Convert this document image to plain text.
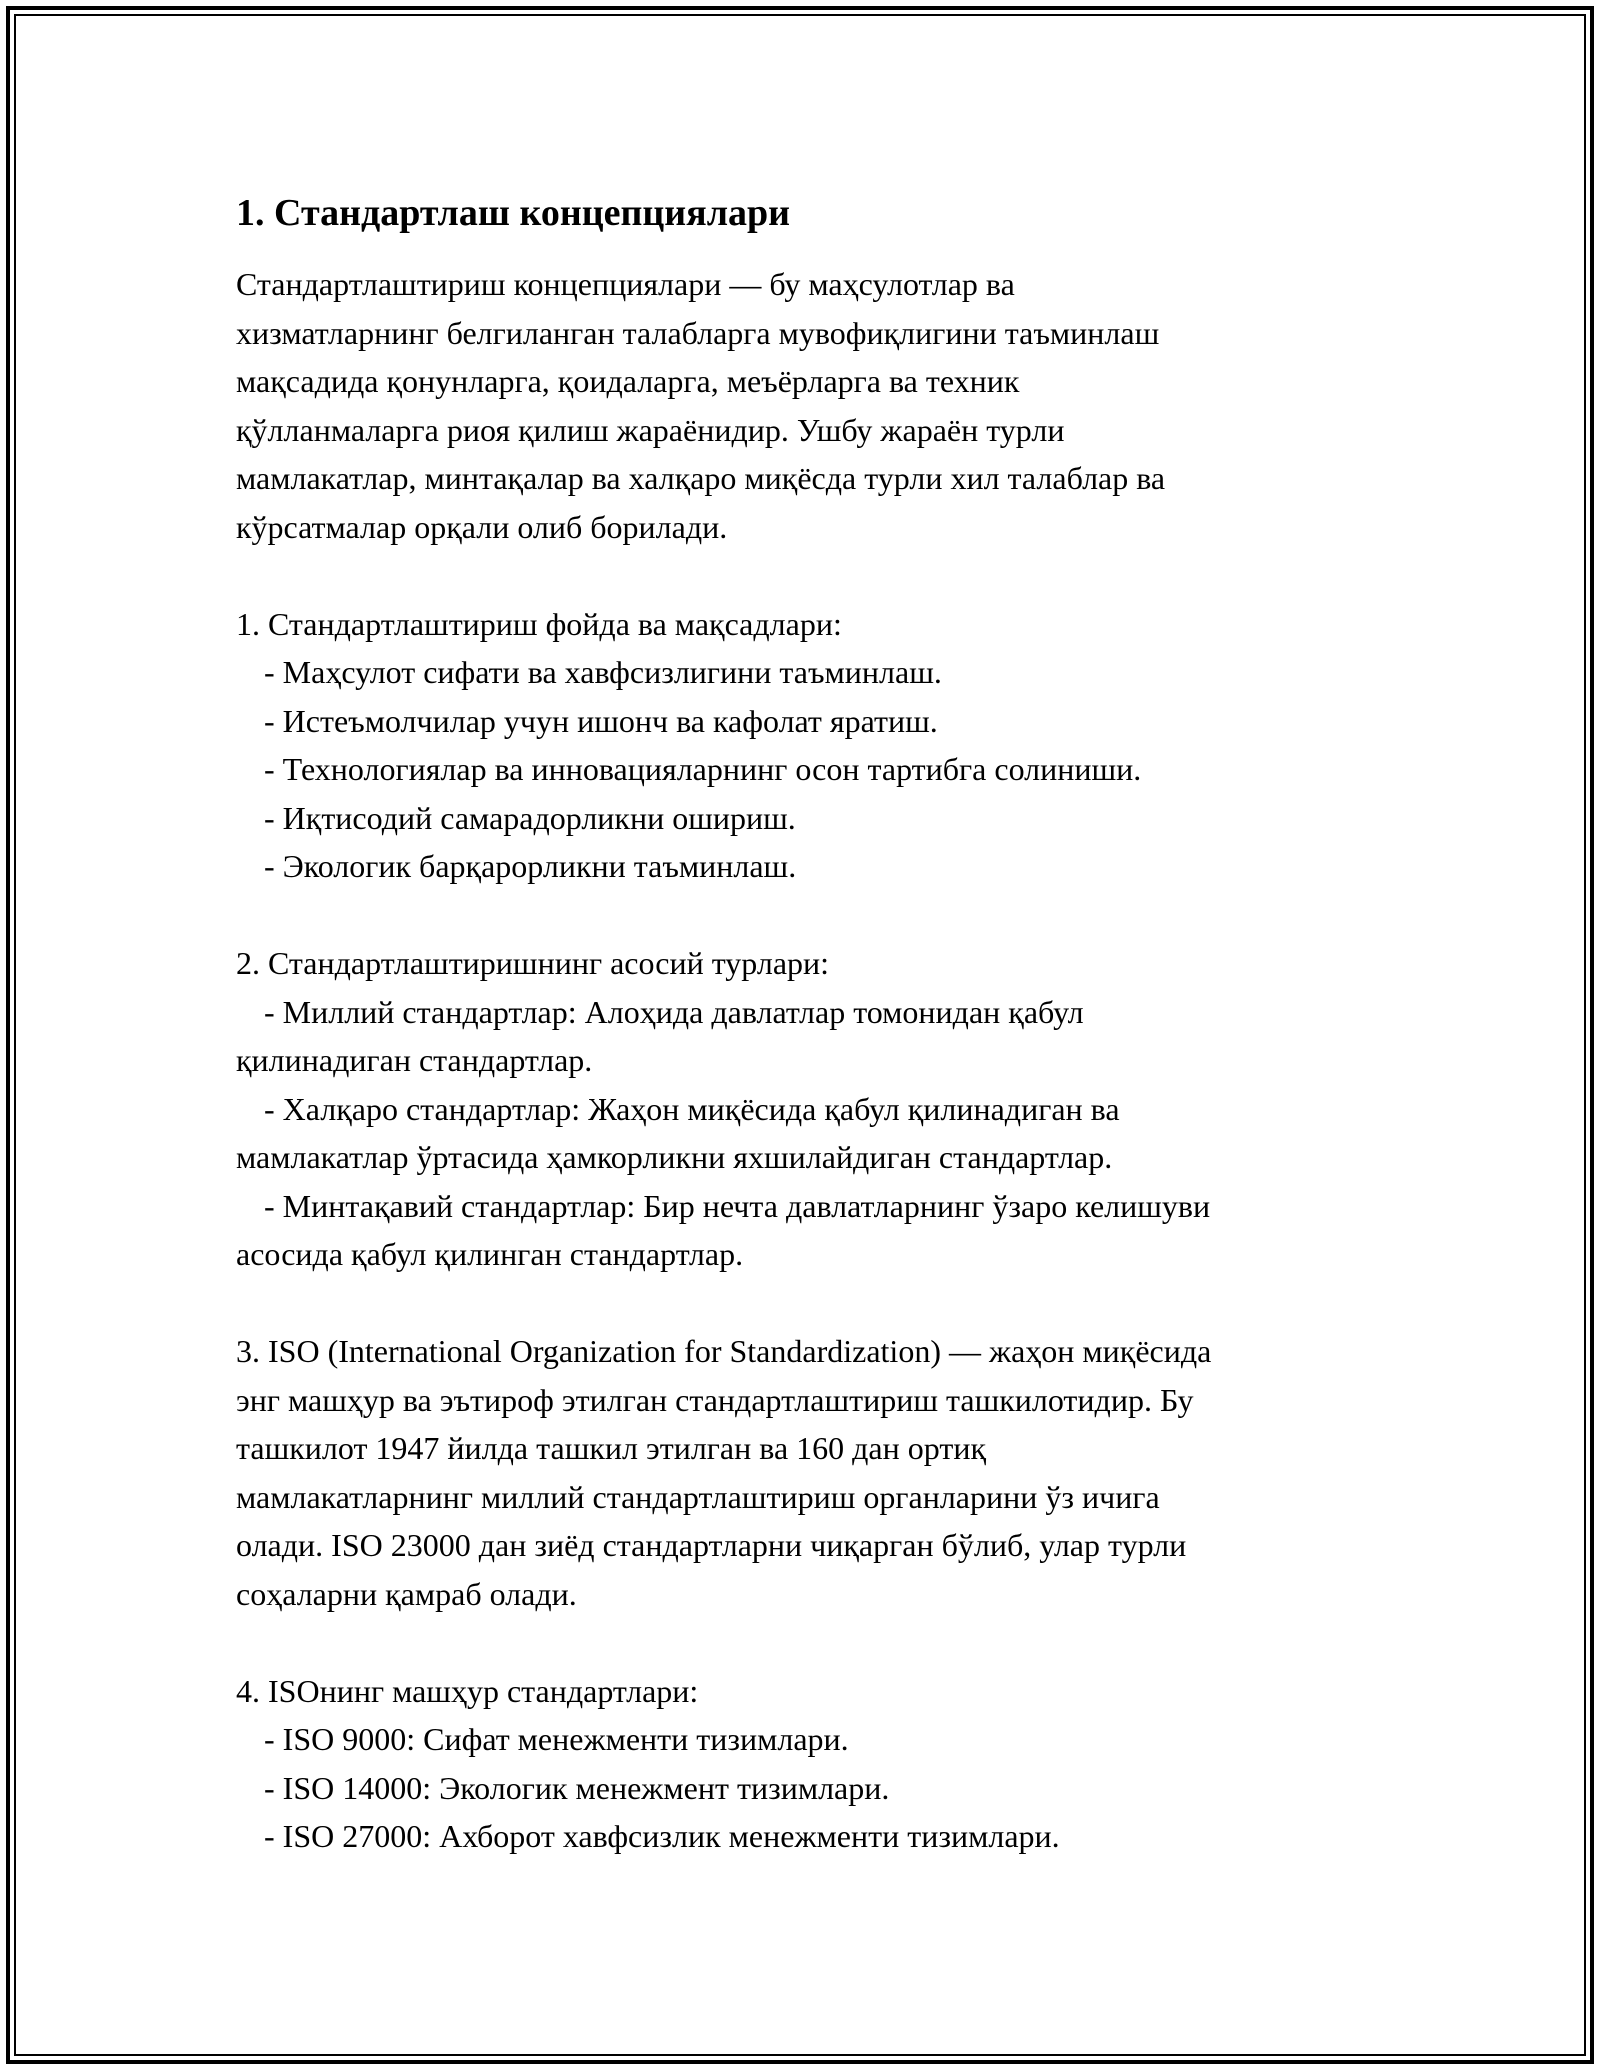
1. Стандартлаш концепциялари
Стандартлаштириш концепциялари — бу маҳсулотлар ва
хизматларнинг белгиланган талабларга мувофиқлигини таъминлаш
мақсадида қонунларга, қоидаларга, меъёрларга ва техник
қўлланмаларга риоя қилиш жараёнидир. Ушбу жараён турли
мамлакатлар, минтақалар ва халқаро миқёсда турли хил талаблар ва
кўрсатмалар орқали олиб борилади.
1. Стандартлаштириш фойда ва мақсадлари:
- Маҳсулот сифати ва хавфсизлигини таъминлаш.
- Истеъмолчилар учун ишонч ва кафолат яратиш.
- Технологиялар ва инновацияларнинг осон тартибга солиниши.
- Иқтисодий самарадорликни ошириш.
- Экологик барқарорликни таъминлаш.
2. Стандартлаштиришнинг асосий турлари:
- Миллий стандартлар: Алоҳида давлатлар томонидан қабул
қилинадиган стандартлар.
- Халқаро стандартлар: Жаҳон миқёсида қабул қилинадиган ва
мамлакатлар ўртасида ҳамкорликни яхшилайдиган стандартлар.
- Минтақавий стандартлар: Бир нечта давлатларнинг ўзаро келишуви
асосида қабул қилинган стандартлар.
3. ISO (International Organization for Standardization) — жаҳон миқёсида
энг машҳур ва эътироф этилган стандартлаштириш ташкилотидир. Бу
ташкилот 1947 йилда ташкил этилган ва 160 дан ортиқ
мамлакатларнинг миллий стандартлаштириш органларини ўз ичига
олади. ISO 23000 дан зиёд стандартларни чиқарган бўлиб, улар турли
соҳаларни қамраб олади.
4. ISOнинг машҳур стандартлари:
- ISO 9000: Сифат менежменти тизимлари.
- ISO 14000: Экологик менежмент тизимлари.
- ISO 27000: Ахборот хавфсизлик менежменти тизимлари.
